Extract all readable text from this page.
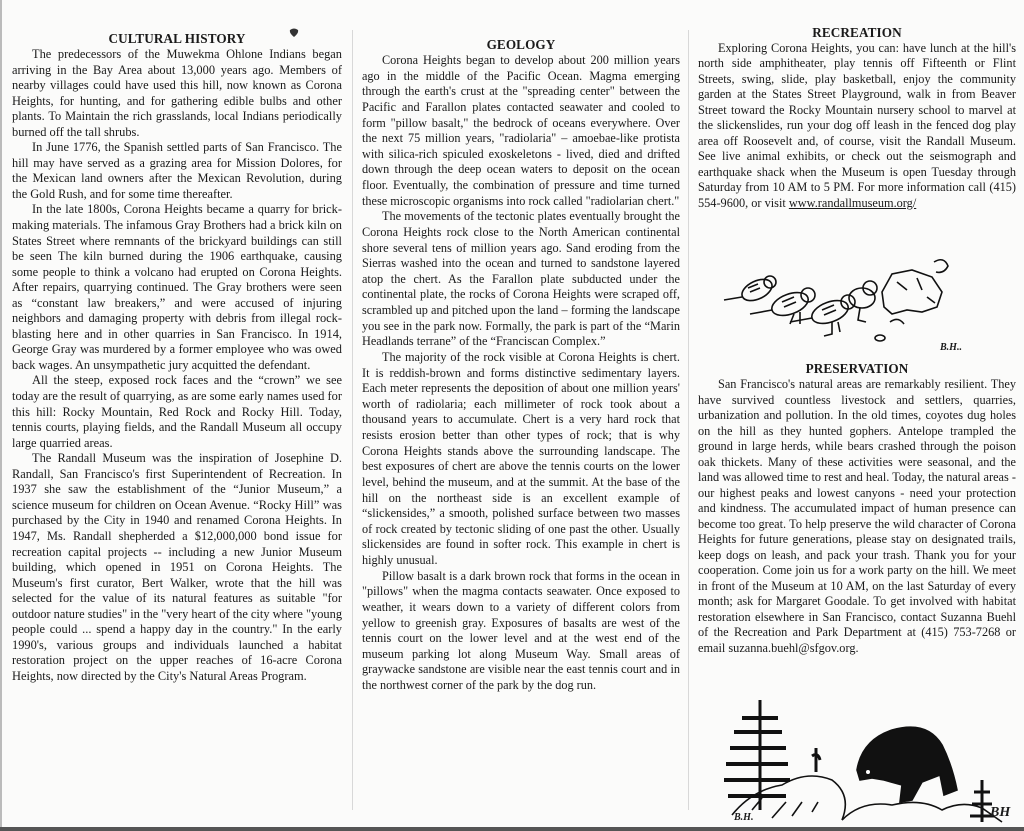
CULTURAL HISTORY

The predecessors of the Muwekma Ohlone Indians began arriving in the Bay Area about 13,000 years ago. Members of nearby villages could have used this hill, now known as Corona Heights, for hunting, and for gathering edible bulbs and other plants. To Maintain the rich grasslands, local Indians periodically burned off the tall shrubs.

In June 1776, the Spanish settled parts of San Francisco. The hill may have served as a grazing area for Mission Dolores, for the Mexican land owners after the Mexican Revolution, during the Gold Rush, and for some time thereafter.

In the late 1800s, Corona Heights became a quarry for brick-making materials. The infamous Gray Brothers had a brick kiln on States Street where remnants of the brickyard buildings can still be seen The kiln burned during the 1906 earthquake, causing some people to think a volcano had erupted on Corona Heights. After repairs, quarrying continued. The Gray brothers were seen as “constant law breakers,” and were accused of injuring neighbors and damaging property with debris from illegal rock-blasting here and in other quarries in San Francisco. In 1914, George Gray was murdered by a former employee who was owed back wages. An unsympathetic jury acquitted the defendant.

All the steep, exposed rock faces and the “crown” we see today are the result of quarrying, as are some early names used for this hill: Rocky Mountain, Red Rock and Rocky Hill. Today, tennis courts, playing fields, and the Randall Museum all occupy large quarried areas.

The Randall Museum was the inspiration of Josephine D. Randall, San Francisco's first Superintendent of Recreation. In 1937 she saw the establishment of the “Junior Museum,” a science museum for children on Ocean Avenue. “Rocky Hill” was purchased by the City in 1940 and renamed Corona Heights. In 1947, Ms. Randall shepherded a $12,000,000 bond issue for recreation capital projects -- including a new Junior Museum building, which opened in 1951 on Corona Heights. The Museum's first curator, Bert Walker, wrote that the hill was selected for the value of its natural features as suitable "for outdoor nature studies" in the "very heart of the city where "young people could ... spend a happy day in the country." In the early 1990's, various groups and individuals launched a habitat restoration project on the upper reaches of 16-acre Corona Heights, now directed by the City's Natural Areas Program.

GEOLOGY

Corona Heights began to develop about 200 million years ago in the middle of the Pacific Ocean. Magma emerging through the earth's crust at the "spreading center" between the Pacific and Farallon plates contacted seawater and cooled to form "pillow basalt," the bedrock of oceans everywhere. Over the next 75 million years, "radiolaria" – amoebae-like protista with silica-rich spiculed exoskeletons - lived, died and drifted down through the deep ocean waters to deposit on the ocean floor. Eventually, the combination of pressure and time turned these microscopic organisms into rock called "radiolarian chert."

The movements of the tectonic plates eventually brought the Corona Heights rock close to the North American continental shore several tens of million years ago. Sand eroding from the Sierras washed into the ocean and turned to sandstone layered atop the chert. As the Farallon plate subducted under the continental plate, the rocks of Corona Heights were scraped off, scrambled up and pitched upon the land – forming the landscape you see in the park now. Formally, the park is part of the “Marin Headlands terrane” of the “Franciscan Complex.”

The majority of the rock visible at Corona Heights is chert. It is reddish-brown and forms distinctive sedimentary layers. Each meter represents the deposition of about one million years' worth of radiolaria; each millimeter of rock took about a thousand years to accumulate. Chert is a very hard rock that resists erosion better than other types of rock; that is why Corona Heights stands above the surrounding landscape. The best exposures of chert are above the tennis courts on the lower level, behind the museum, and at the summit. At the base of the hill on the northeast side is an excellent example of “slickensides,” a smooth, polished surface between two masses of rock created by tectonic sliding of one past the other. Usually slickensides are found in softer rock. This example in chert is highly unusual.

Pillow basalt is a dark brown rock that forms in the ocean in "pillows" when the magma contacts seawater. Once exposed to weather, it wears down to a variety of different colors from yellow to greenish gray. Exposures of basalts are west of the tennis court on the lower level and at the west end of the museum parking lot along Museum Way. Small areas of graywacke sandstone are visible near the east tennis court and in the northwest corner of the park by the dog run.

RECREATION

Exploring Corona Heights, you can: have lunch at the hill's north side amphitheater, play tennis off Fifteenth or Flint Streets, swing, slide, play basketball, enjoy the community garden at the States Street Playground, walk in from Beaver Street toward the Rocky Mountain nursery school to marvel at the slickenslides, run your dog off leash in the fenced dog play area off Roosevelt and, of course, visit the Randall Museum. See live animal exhibits, or check out the seismograph and earthquake shack when the Museum is open Tuesday through Saturday from 10 AM to 5 PM. For more information call (415) 554-9600, or visit www.randallmuseum.org/

PRESERVATION

San Francisco's natural areas are remarkably resilient. They have survived countless livestock and settlers, quarries, urbanization and pollution. In the old times, coyotes dug holes on the hill as they hunted gophers. Antelope trampled the ground in large herds, while bears crashed through the poison oak thickets. Many of these activities were seasonal, and the land was allowed time to rest and heal. Today, the natural areas - our highest peaks and lowest canyons - need your protection and kindness. The accumulated impact of human presence can become too great. To help preserve the wild character of Corona Heights for future generations, please stay on designated trails, keep dogs on leash, and pack your trash. Thank you for your cooperation. Come join us for a work party on the hill. We meet in front of the Museum at 10 AM, on the last Saturday of every month; ask for Margaret Goodale. To get involved with habitat restoration elsewhere in San Francisco, contact Suzanna Buehl of the Recreation and Park Department at (415) 753-7268 or email suzanna.buehl@sfgov.org.

B.H..
B.H.	BH
